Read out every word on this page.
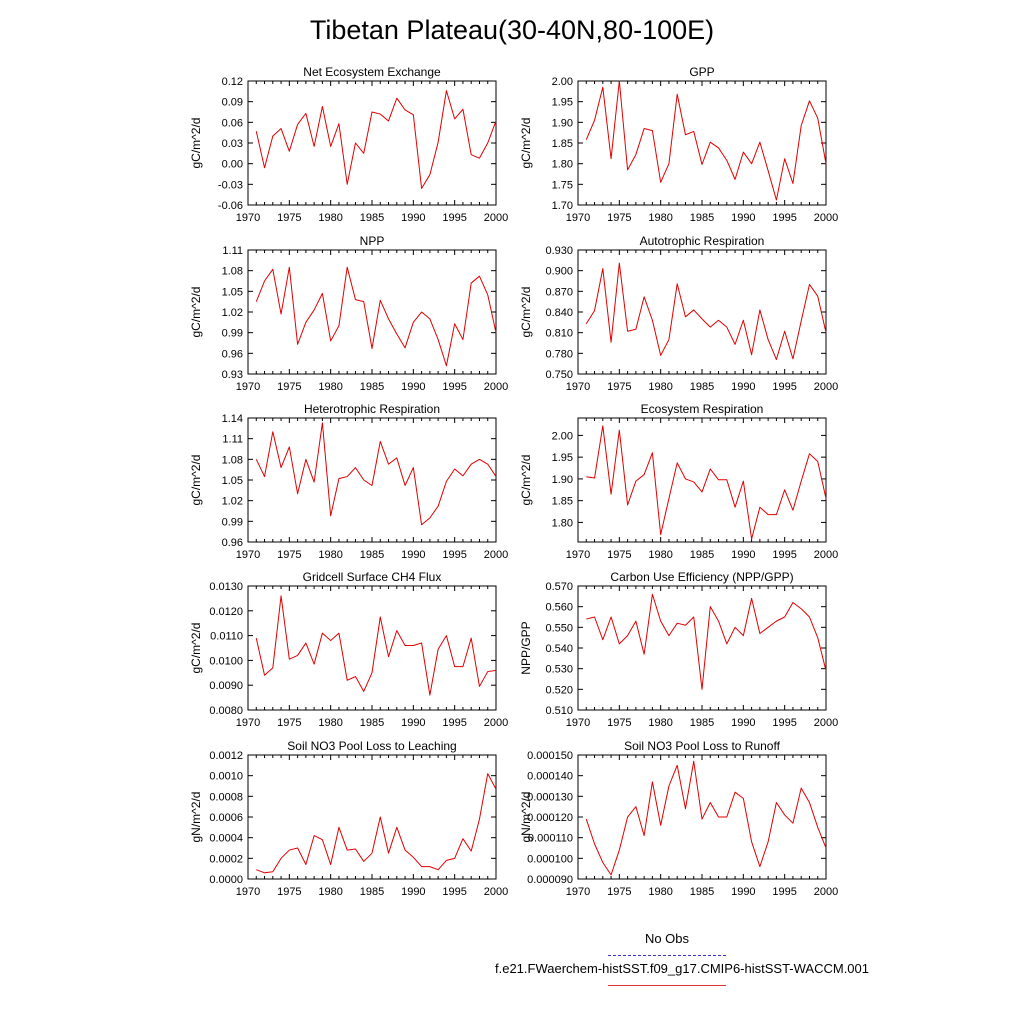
Tibetan Plateau(30-40N,80-100E)
Net Ecosystem Exchange
gC/m^2/d
1970 1975 1980 1985 1990 1995 2000
-0.06
-0.03
0.00
0.03
0.06
0.09
0.12
GPP
gC/m^2/d
1970 1975 1980 1985 1990 1995 2000
1.70
1.75
1.80
1.85
1.90
1.95
2.00
NPP
gC/m^2/d
1970 1975 1980 1985 1990 1995 2000
0.93
0.96
0.99
1.02
1.05
1.08
1.11
Autotrophic Respiration
gC/m^2/d
1970 1975 1980 1985 1990 1995 2000
0.750
0.780
0.810
0.840
0.870
0.900
0.930
Heterotrophic Respiration
gC/m^2/d
1970 1975 1980 1985 1990 1995 2000
0.96
0.99
1.02
1.05
1.08
1.11
1.14
Ecosystem Respiration
gC/m^2/d
1970 1975 1980 1985 1990 1995 2000
1.80
1.85
1.90
1.95
2.00
Gridcell Surface CH4 Flux
gC/m^2/d
1970 1975 1980 1985 1990 1995 2000
0.0080
0.0090
0.0100
0.0110
0.0120
0.0130
Carbon Use Efficiency (NPP/GPP)
NPP/GPP
1970 1975 1980 1985 1990 1995 2000
0.510
0.520
0.530
0.540
0.550
0.560
0.570
Soil NO3 Pool Loss to Leaching
gN/m^2/d
1970 1975 1980 1985 1990 1995 2000
0.0000
0.0002
0.0004
0.0006
0.0008
0.0010
0.0012
Soil NO3 Pool Loss to Runoff
gN/m^2/d
1970 1975 1980 1985 1990 1995 2000
0.000090
0.000100
0.000110
0.000120
0.000130
0.000140
0.000150
No Obs
f.e21.FWaerchem-histSST.f09_g17.CMIP6-histSST-WACCM.001
